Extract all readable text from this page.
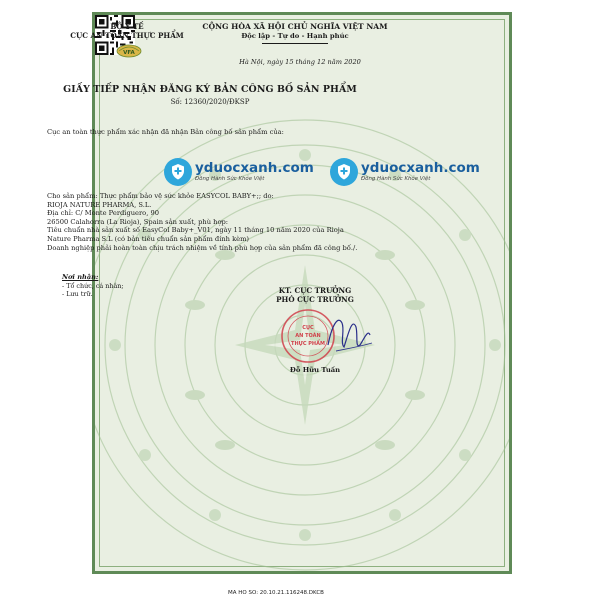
BỘ Y TẾ
CỤC AN TOÀN THỰC PHẨM
VFA
CỘNG HÒA XÃ HỘI CHỦ NGHĨA VIỆT NAM
Độc lập - Tự do - Hạnh phúc
Hà Nội, ngày 15 tháng 12 năm 2020
GIẤY TIẾP NHẬN ĐĂNG KÝ BẢN CÔNG BỐ SẢN PHẨM
Số: 12360/2020/ĐKSP
Cục an toàn thực phẩm xác nhận đã nhận Bản công bố sản phẩm của:
yduocxanh.com
Đồng Hành Sức Khỏe Việt
yduocxanh.com
Đồng Hành Sức Khỏe Việt
Cho sản phẩm: Thực phẩm bảo vệ sức khỏe EASYCOL BABY+;; do:
RIOJA NATURE PHARMA, S.L.
Địa chỉ: C/ Monte Perdiguero, 90
26500 Calahorra (La Rioja), Spain sản xuất, phù hợp:
Tiêu chuẩn nhà sản xuất số EasyCol Baby+_V01, ngày 11 tháng 10 năm 2020 của Rioja
Nature Pharma S.L (có bản tiêu chuẩn sản phẩm đính kèm)
Doanh nghiệp phải hoàn toàn chịu trách nhiệm về tính phù hợp của sản phẩm đã công bố./.
Nơi nhận:
- Tổ chức, cá nhân;
- Lưu trữ.	KT. CỤC TRƯỞNG
PHÓ CỤC TRƯỞNG
CỤC
AN TOÀN
THỰC PHẨM
Đỗ Hữu Tuấn
MA HO SO: 20.10.21.116248.DKCB
